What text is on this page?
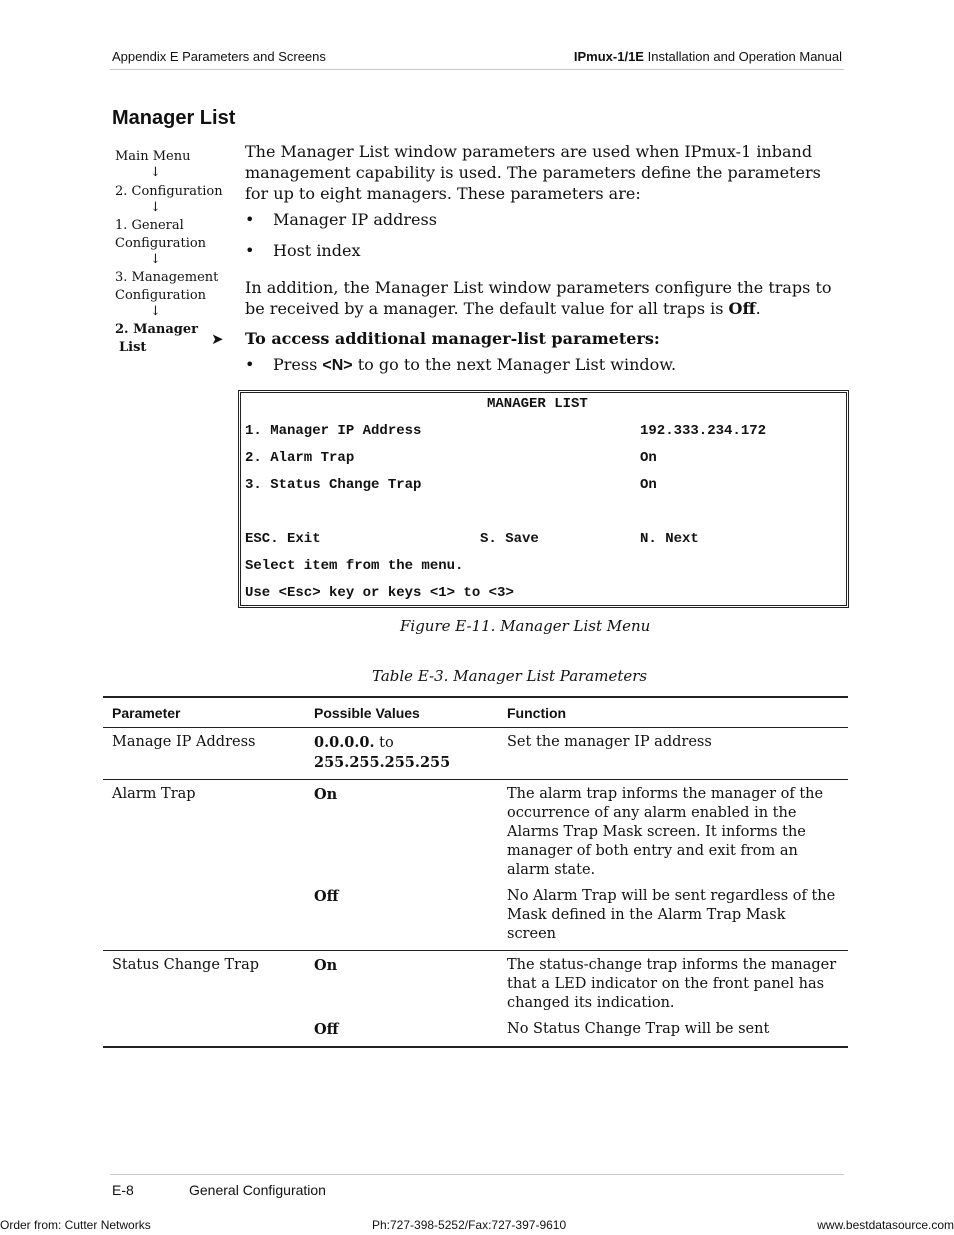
Appendix E Parameters and Screens	IPmux-1/1E Installation and Operation Manual
Manager List
Main Menu
↓
2. Configuration
↓
1. General
Configuration
↓
3. Management
Configuration
↓
2. Manager
List	➤
The Manager List window parameters are used when IPmux-1 inband management capability is used. The parameters define the parameters for up to eight managers. These parameters are:
• Manager IP address
• Host index
In addition, the Manager List window parameters configure the traps to be received by a manager. The default value for all traps is Off.
To access additional manager-list parameters:
• Press <N> to go to the next Manager List window.
MANAGER LIST
1. Manager IP Address	192.333.234.172
2. Alarm Trap	On
3. Status Change Trap	On
ESC. Exit	S. Save	N. Next
Select item from the menu.
Use <Esc> key or keys <1> to <3>
Figure E-11. Manager List Menu
Table E-3. Manager List Parameters
Parameter	Possible Values	Function
Manage IP Address	0.0.0.0. to
255.255.255.255	Set the manager IP address
Alarm Trap	On	The alarm trap informs the manager of the occurrence of any alarm enabled in the Alarms Trap Mask screen. It informs the manager of both entry and exit from an alarm state.
	Off	No Alarm Trap will be sent regardless of the Mask defined in the Alarm Trap Mask screen
Status Change Trap	On	The status-change trap informs the manager that a LED indicator on the front panel has changed its indication.
	Off	No Status Change Trap will be sent
E-8	General Configuration
Order from: Cutter Networks	Ph:727-398-5252/Fax:727-397-9610	www.bestdatasource.com
